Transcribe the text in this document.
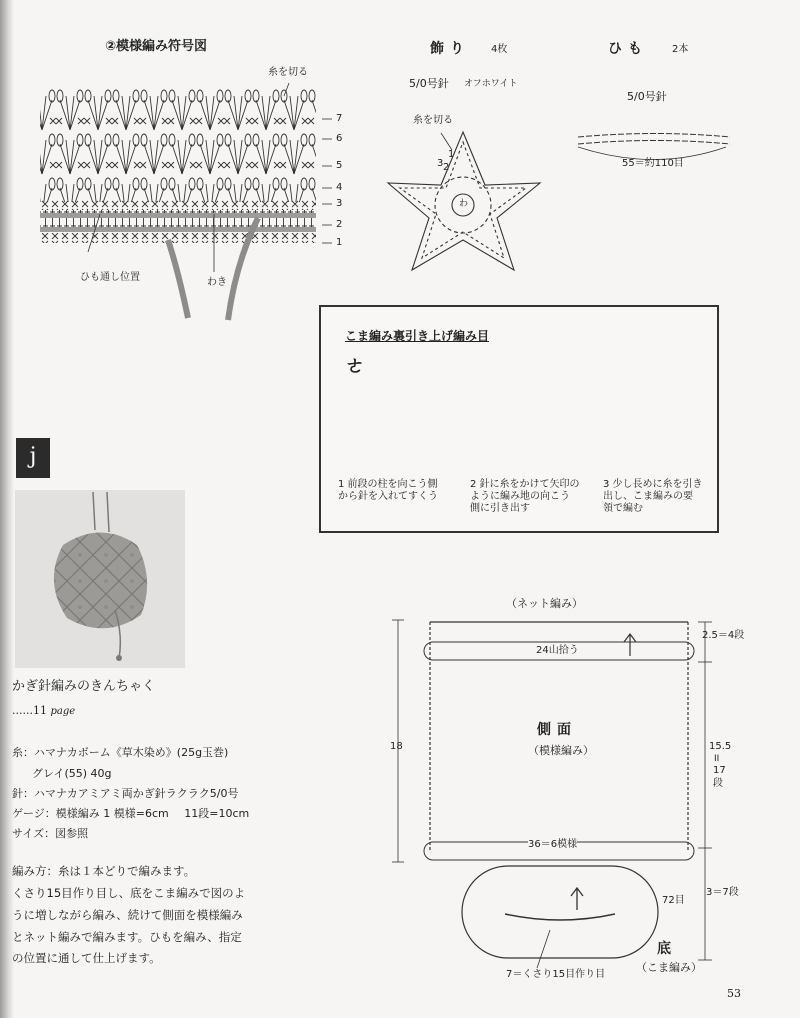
②模様編み符号図
糸を切る
7
6
5
4
3
2
1
ひも通し位置	わき
飾り 4枚
5/0号針 オフホワイト
糸を切る
わ
1
2
3
ひも 2本
5/0号針
55＝約110目
こま編み裏引き上げ編み目
ㄜ
1 前段の柱を向こう側
から針を入れてすくう
2 針に糸をかけて矢印の
ように編み地の向こう
側に引き出す
3 少し長めに糸を引き
出し、こま編みの要
領で編む
j
かぎ針編みのきんちゃく
......11 page
糸：ハマナカボーム《草木染め》(25g玉巻)
グレイ(55) 40g
針：ハマナカアミアミ両かぎ針ラクラク5/0号
ゲージ：模様編み 1 模様=6cm 11段=10cm
サイズ：図参照
編み方：糸は１本どりで編みます。
くさり15目作り目し、底をこま編みで図のよ
うに増しながら編み、続けて側面を模様編み
とネット編みで編みます。ひもを編み、指定
の位置に通して仕上げます。
（ネット編み）
24山拾う
2.5＝4段
側面
（模様編み）
18	15.5
II
17
段
36＝6模様
3＝7段
72目
底
（こま編み）
7＝くさり15目作り目
53
